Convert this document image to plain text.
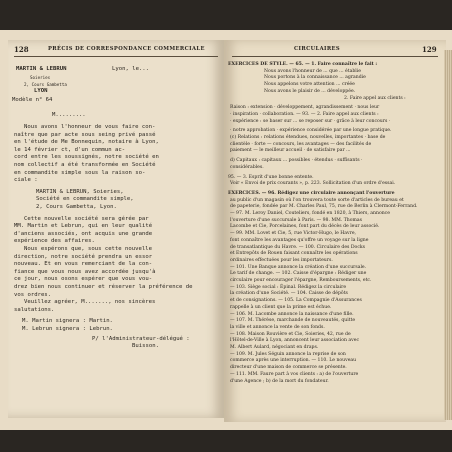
128	PRÉCIS DE CORRESPONDANCE COMMERCIALE
MARTIN & LEBRUN	Lyon, le...
Soieries
2, Cours Gambetta
LYON
Modèle n° 64
M.........
Nous avons l'honneur de vous faire con-
naître que par acte sous seing privé passé
en l'étude de Me Bonnequin, notaire à Lyon,
le 14 février ct, d'un commun ac-
cord entre les soussignés, notre société en
nom collectif a été transformée en Société
en commandite simple sous la raison so-
ciale :
MARTIN & LEBRUN, Soieries,
Société en commandite simple,
2, Cours Gambetta, Lyon.
Cette nouvelle société sera gérée par
MM. Martin et Lebrun, qui en leur qualité
d'anciens associés, ont acquis une grande
expérience des affaires.
Nous espérons que, sous cette nouvelle
direction, notre société prendra un essor
nouveau. Et en vous remerciant de la con-
fiance que vous nous avez accordée jusqu'à
ce jour, nous osons espérer que vous vou-
drez bien nous continuer et réserver la préférence de
vos ordres.
Veuillez agréer, M......., nos sincères
salutations.
M. Martin signera : Martin.
M. Lebrun signera : Lebrun.
P/ l'Administrateur-délégué :
Buisson.
CIRCULAIRES	129
EXERCICES DE STYLE. — 65. — 1. Faire connaître le fait :
Nous avons l'honneur de ... que ... établie
Nous portons à la connaissance ... agrandie
Nous appelons votre attention ... créée
Nous avons le plaisir de ... développée.
2. Faire appel aux clients :
Raison : extension · développement, agrandissement · nous leur
· inspiration · collaboration. — 93. — 2. Faire appel aux clients :
· expérience : se baser sur ... se reposer sur · grâce à leur concours ·
· notre approbation · expérience considérée par une longue pratique.
(c) Relations : relations étendues, nouvelles, importantes · base de
clientèle · forte — concours, les avantages — des facilités de
paiement — le meilleur accueil · de satisfaire par ...
d) Capitaux : capitaux ... possibles · étendus · suffisants ·
considérables.
95. — 3. Esprit d'une bonne entente.
Voir « Envoi de prix courants », p. 223. Sollicitation d'un ordre d'essai.
EXERCICES. — 96. Rédigez une circulaire annonçant l'ouverture
au public d'un magasin où l'on trouvera toute sorte d'articles de bureau et
de papeterie, fondée par M. Charles Paul, 75, rue de Berlin à Clermont-Ferrand.
— 97. M. Leroy Daniel, Couteliers, fondé en 1820, à Thiers, annonce
l'ouverture d'une succursale à Paris. — 98. MM. Thomas
Lacombe et Cie, Porcelaines, font part du décès de leur associé.
— 99. MM. Lovet et Cie, 5, rue Victor-Hugo, le Havre,
font connaître les avantages qu'offre un voyage sur la ligne
de transatlantique du Havre. — 100. Circulaire des Docks
et Entrepôts de Rouen faisant connaître les opérations
ordinaires effectuées pour les importateurs.
— 101. Une Banque annonce la création d'une succursale.
Le tarif de change. — 102. Caisse d'épargne : Rédiger une
circulaire pour encourager l'épargne, Remboursements, etc.
— 103. Siège social : Épinal. Rédigez la circulaire
la création d'une Société. — 104. Caisse de dépôts
et de consignations. — 105. La Compagnie d'Assurances
rappelle à un client que la prime est échue.
— 106. M. Lacombe annonce la naissance d'une fille.
— 107. M. Thérèse, marchande de nouveautés, quitte
la ville et annonce la vente de son fonds.
— 108. Maison Rouvière et Cie, Soieries, 42, rue de
l'Hôtel-de-Ville à Lyon, annoncent leur association avec
M. Albert Aulard, négociant en draps.
— 109. M. Jules Séguin annonce la reprise de son
commerce après une interruption. — 110. Le nouveau
directeur d'une maison de commerce se présente.
— 111. MM. Faure part à vos clients : a) de l'ouverture
d'une Agence ; b) de la mort du fondateur.
